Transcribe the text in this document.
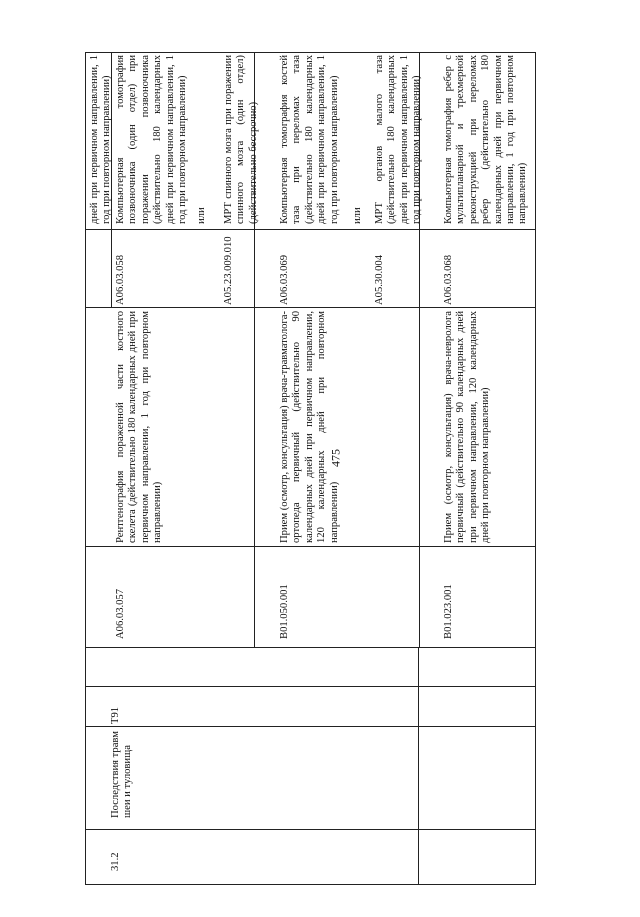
475
31.2
Последствия травм шеи и туловища
T91
дней при первичном направлении, 1 год при повторном направлении)
A06.03.057
Рентгенография пораженной части костного скелета (действительно 180 календарных дней при первичном направлении, 1 год при повторном направлении)
A06.03.058
Компьютерная томография позвоночника (один отдел) при поражении позвоночника (действительно 180 календарных дней при первичном направлении, 1 год при повторном направлении) или
A05.23.009.010
МРТ спинного мозга при поражении спинного мозга (один отдел) (действительно бессрочно)
B01.050.001
Прием (осмотр, консультация) врача-травматолога-ортопеда первичный (действительно 90 календарных дней при первичном направлении, 120 календарных дней при повторном направлении)
A06.03.069
Компьютерная томография костей таза при переломах таза (действительно 180 календарных дней при первичном направлении, 1 год при повторном направлении) или
A05.30.004
МРТ органов малого таза (действительно 180 календарных дней при первичном направлении, 1 год при повторном направлении)
B01.023.001
Прием (осмотр, консультация) врача-невролога первичный (действительно 90 календарных дней при первичном направлении, 120 календарных дней при повторном направлении)
A06.03.068
Компьютерная томография ребер с мультипланарной и трехмерной реконструкцией при переломах ребер (действительно 180 календарных дней при первичном направлении, 1 год при повторном направлении)
